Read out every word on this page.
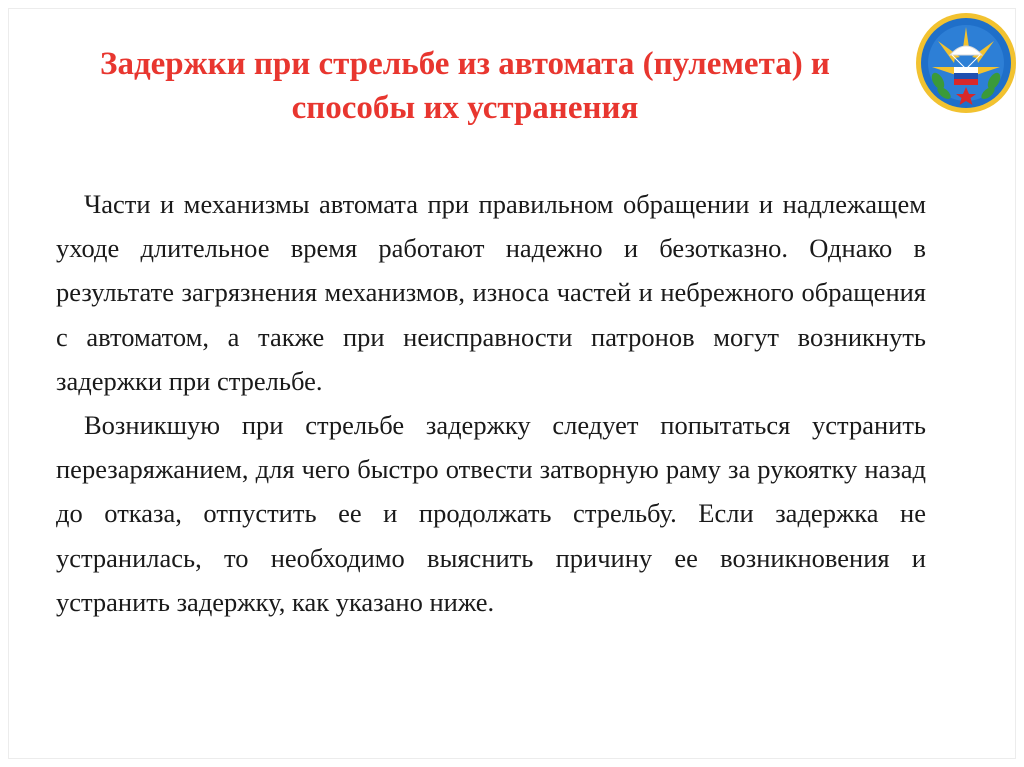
Задержки при стрельбе из автомата (пулемета) и
способы их устранения

Части и механизмы автомата при правильном обращении и надлежащем уходе длительное время работают надежно и безотказно. Однако в результате загрязнения механизмов, износа частей и небрежного обращения с автоматом, а также при неисправности патронов могут возникнуть задержки при стрельбе.

Возникшую при стрельбе задержку следует попытаться устранить перезаряжанием, для чего быстро отвести затворную раму за рукоятку назад до отказа, отпустить ее и продолжать стрельбу. Если задержка не устранилась, то необходимо выяснить причину ее возникновения и устранить задержку, как указано ниже.
